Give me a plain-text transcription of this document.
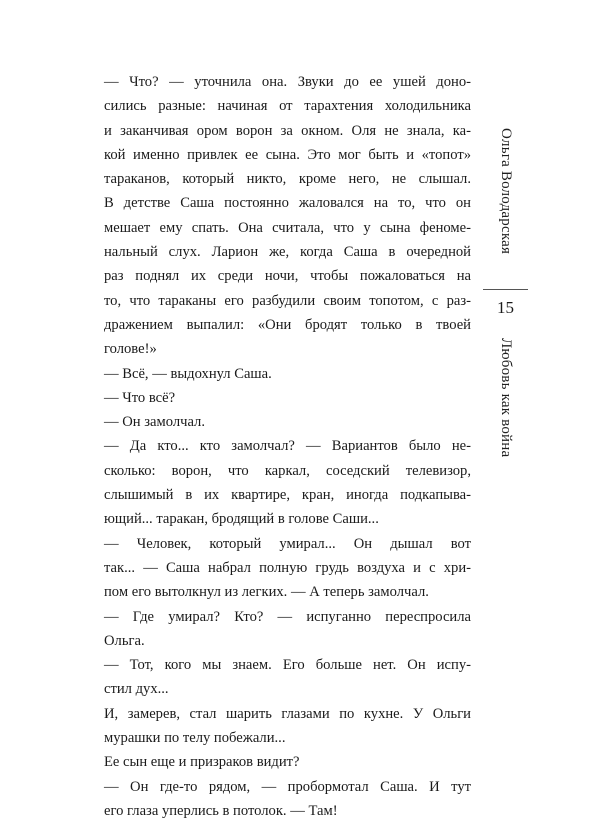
— Что? — уточнила она. Звуки до ее ушей доно-
сились разные: начиная от тарахтения холодильника
и заканчивая ором ворон за окном. Оля не знала, ка-
кой именно привлек ее сына. Это мог быть и «топот»
тараканов, который никто, кроме него, не слышал.
В детстве Саша постоянно жаловался на то, что он
мешает ему спать. Она считала, что у сына феноме-
нальный слух. Ларион же, когда Саша в очередной
раз поднял их среди ночи, чтобы пожаловаться на
то, что тараканы его разбудили своим топотом, с раз-
дражением выпалил: «Они бродят только в твоей
голове!»
— Всё, — выдохнул Саша.
— Что всё?
— Он замолчал.
— Да кто... кто замолчал? — Вариантов было не-
сколько: ворон, что каркал, соседский телевизор,
слышимый в их квартире, кран, иногда подкапыва-
ющий... таракан, бродящий в голове Саши...
— Человек, который умирал... Он дышал вот
так... — Саша набрал полную грудь воздуха и с хри-
пом его вытолкнул из легких. — А теперь замолчал.
— Где умирал? Кто? — испуганно переспросила
Ольга.
— Тот, кого мы знаем. Его больше нет. Он испу-
стил дух...
И, замерев, стал шарить глазами по кухне. У Ольги
мурашки по телу побежали...
Ее сын еще и призраков видит?
— Он где-то рядом, — пробормотал Саша. И тут
его глаза уперлись в потолок. — Там!
Ольга Володарская
Любовь как война
15
